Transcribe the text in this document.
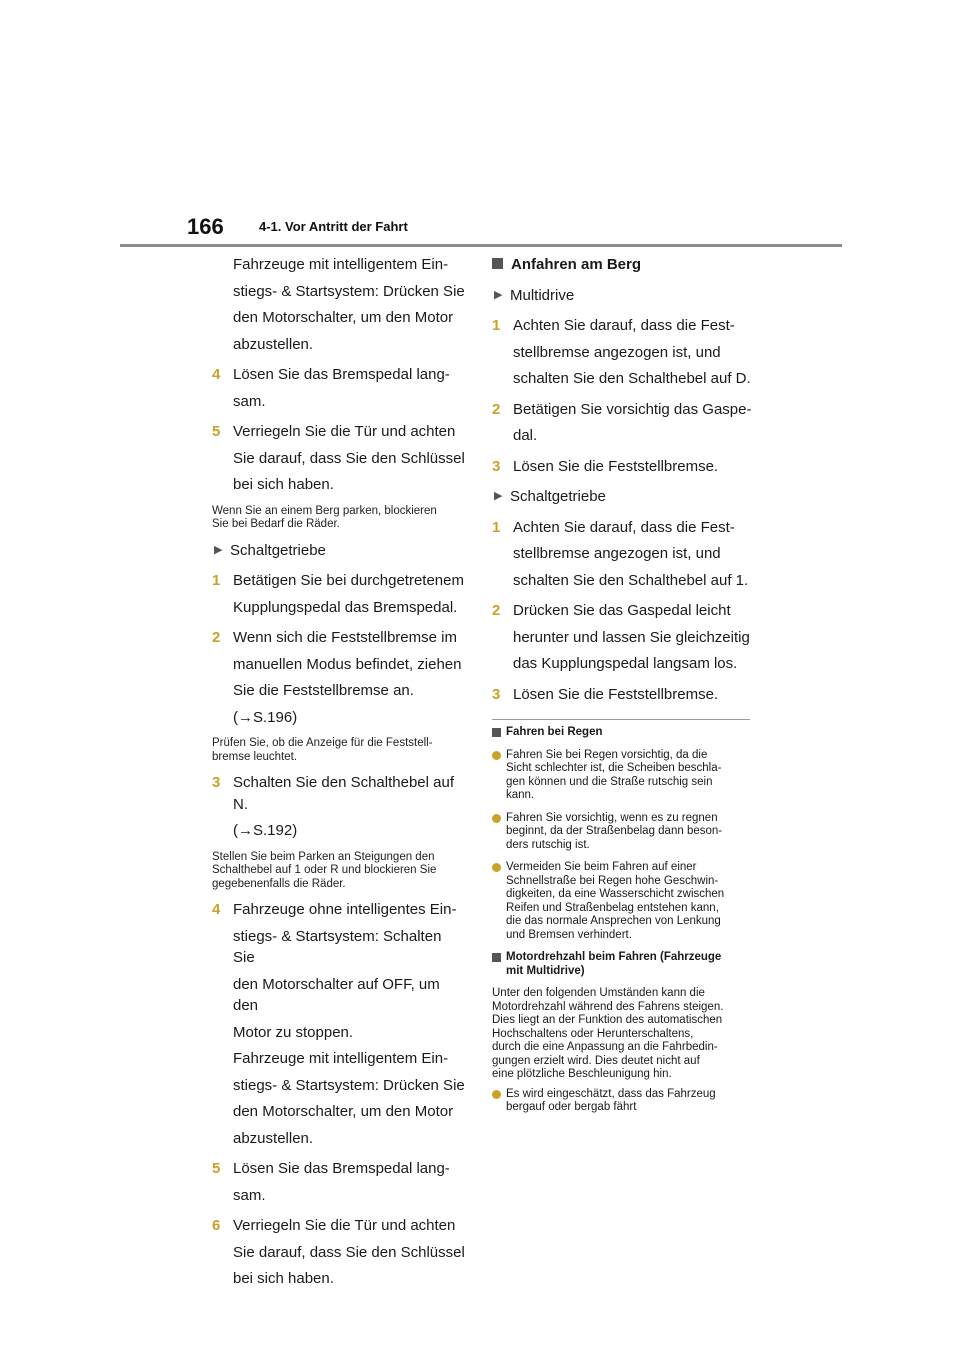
166	4-1. Vor Antritt der Fahrt
Fahrzeuge mit intelligentem Ein-
stiegs- & Startsystem: Drücken Sie
den Motorschalter, um den Motor
abzustellen.
4 Lösen Sie das Bremspedal lang-
sam.
5 Verriegeln Sie die Tür und achten
Sie darauf, dass Sie den Schlüssel
bei sich haben.
Wenn Sie an einem Berg parken, blockieren
Sie bei Bedarf die Räder.
▶ Schaltgetriebe
1 Betätigen Sie bei durchgetretenem
Kupplungspedal das Bremspedal.
2 Wenn sich die Feststellbremse im
manuellen Modus befindet, ziehen
Sie die Feststellbremse an.
(→S.196)
Prüfen Sie, ob die Anzeige für die Feststell-
bremse leuchtet.
3 Schalten Sie den Schalthebel auf N.
(→S.192)
Stellen Sie beim Parken an Steigungen den
Schalthebel auf 1 oder R und blockieren Sie
gegebenenfalls die Räder.
4 Fahrzeuge ohne intelligentes Ein-
stiegs- & Startsystem: Schalten Sie
den Motorschalter auf OFF, um den
Motor zu stoppen.
Fahrzeuge mit intelligentem Ein-
stiegs- & Startsystem: Drücken Sie
den Motorschalter, um den Motor
abzustellen.
5 Lösen Sie das Bremspedal lang-
sam.
6 Verriegeln Sie die Tür und achten
Sie darauf, dass Sie den Schlüssel
bei sich haben.
Anfahren am Berg
▶ Multidrive
1 Achten Sie darauf, dass die Fest-
stellbremse angezogen ist, und
schalten Sie den Schalthebel auf D.
2 Betätigen Sie vorsichtig das Gaspe-
dal.
3 Lösen Sie die Feststellbremse.
▶ Schaltgetriebe
1 Achten Sie darauf, dass die Fest-
stellbremse angezogen ist, und
schalten Sie den Schalthebel auf 1.
2 Drücken Sie das Gaspedal leicht
herunter und lassen Sie gleichzeitig
das Kupplungspedal langsam los.
3 Lösen Sie die Feststellbremse.
Fahren bei Regen
Fahren Sie bei Regen vorsichtig, da die
Sicht schlechter ist, die Scheiben beschla-
gen können und die Straße rutschig sein
kann.
Fahren Sie vorsichtig, wenn es zu regnen
beginnt, da der Straßenbelag dann beson-
ders rutschig ist.
Vermeiden Sie beim Fahren auf einer
Schnellstraße bei Regen hohe Geschwin-
digkeiten, da eine Wasserschicht zwischen
Reifen und Straßenbelag entstehen kann,
die das normale Ansprechen von Lenkung
und Bremsen verhindert.
Motordrehzahl beim Fahren (Fahrzeuge
mit Multidrive)
Unter den folgenden Umständen kann die
Motordrehzahl während des Fahrens steigen.
Dies liegt an der Funktion des automatischen
Hochschaltens oder Herunterschaltens,
durch die eine Anpassung an die Fahrbedin-
gungen erzielt wird. Dies deutet nicht auf
eine plötzliche Beschleunigung hin.
Es wird eingeschätzt, dass das Fahrzeug
bergauf oder bergab fährt
